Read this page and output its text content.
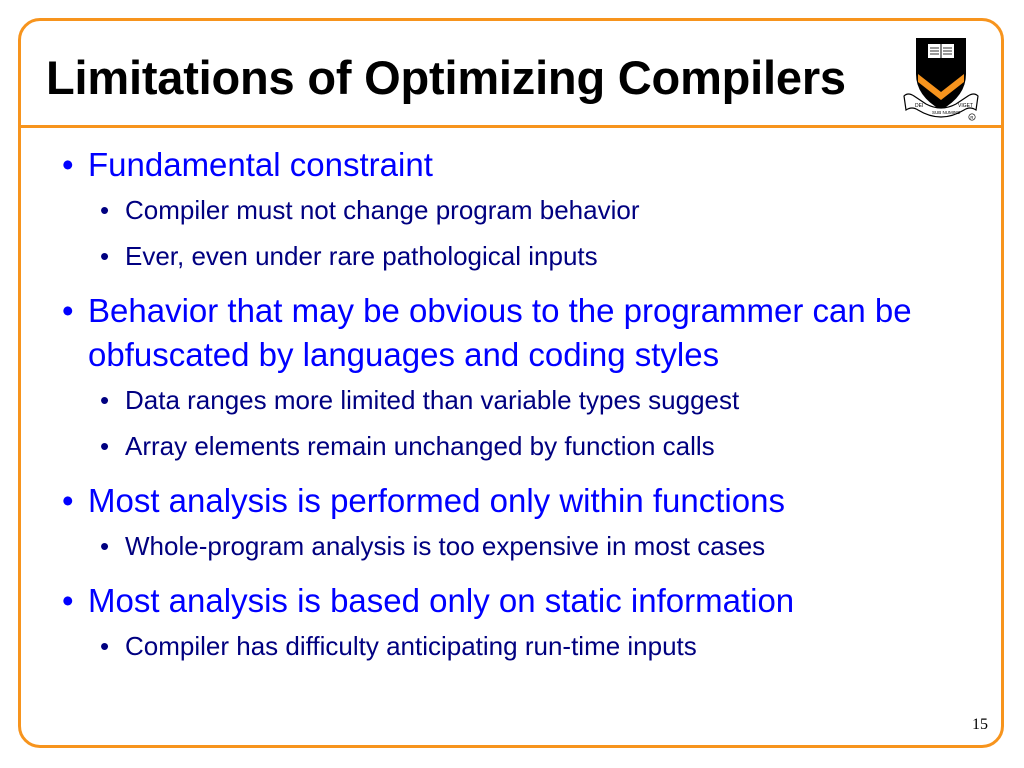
Limitations of Optimizing Compilers
DEI
SUB NUMINE
VIGET
R
• Fundamental constraint
• Compiler must not change program behavior
• Ever, even under rare pathological inputs
• Behavior that may be obvious to the programmer can be obfuscated by languages and coding styles
• Data ranges more limited than variable types suggest
• Array elements remain unchanged by function calls
• Most analysis is performed only within functions
• Whole-program analysis is too expensive in most cases
• Most analysis is based only on static information
• Compiler has difficulty anticipating run-time inputs
15
